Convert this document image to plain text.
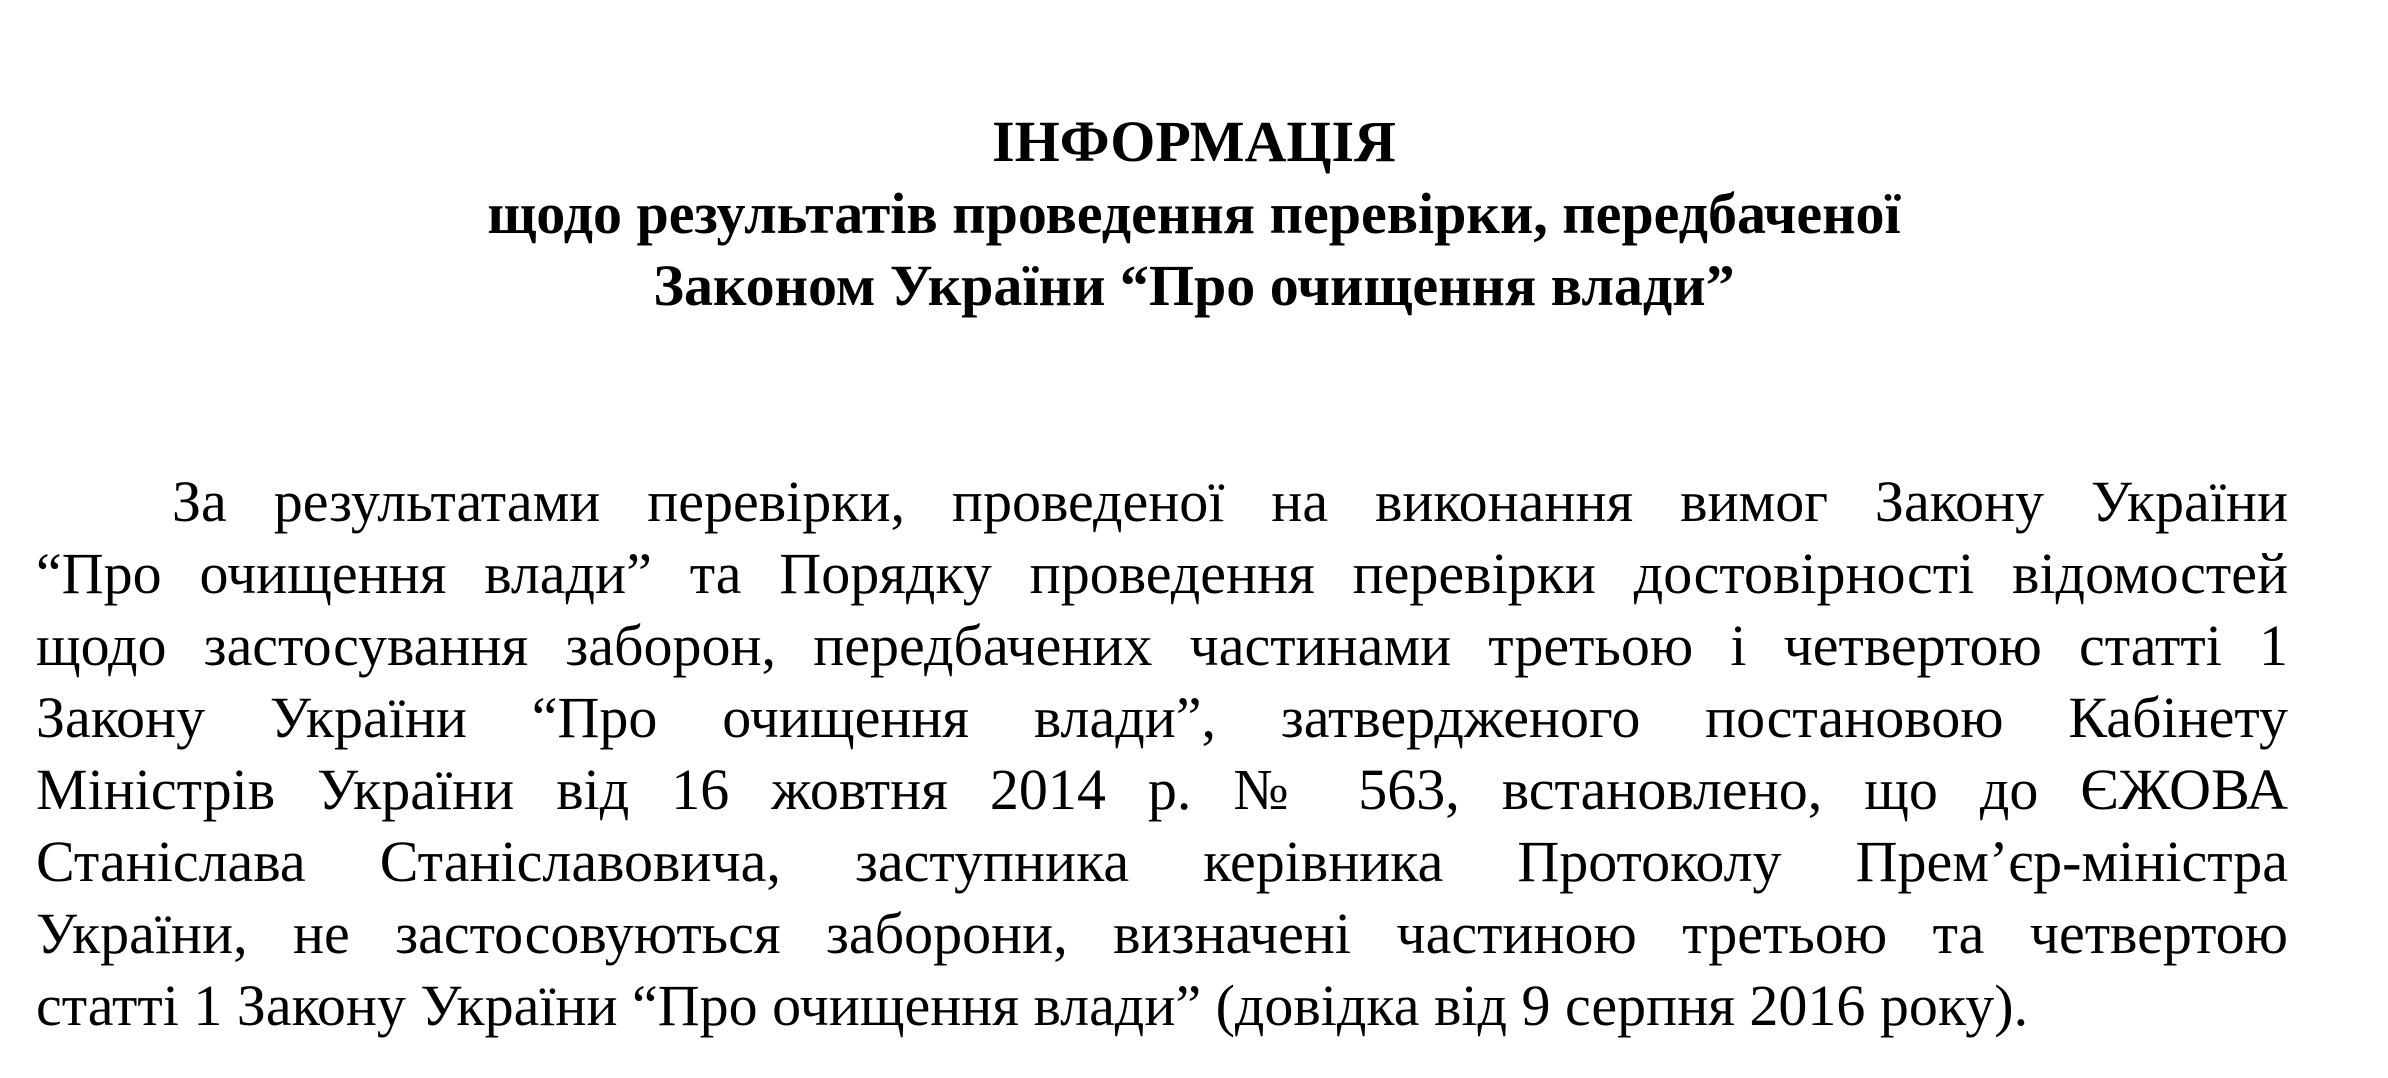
ІНФОРМАЦІЯ
щодо результатів проведення перевірки, передбаченої
Законом України “Про очищення влади”
За результатами перевірки, проведеної на виконання вимог Закону України
“Про очищення влади” та Порядку проведення перевірки достовірності відомостей
щодо застосування заборон, передбачених частинами третьою і четвертою статті 1
Закону України “Про очищення влади”, затвердженого постановою Кабінету
Міністрів України від 16 жовтня 2014 р. № 563, встановлено, що до ЄЖОВА
Станіслава Станіславовича, заступника керівника Протоколу Прем’єр-міністра
України, не застосовуються заборони, визначені частиною третьою та четвертою
статті 1 Закону України “Про очищення влади” (довідка від 9 серпня 2016 року).
